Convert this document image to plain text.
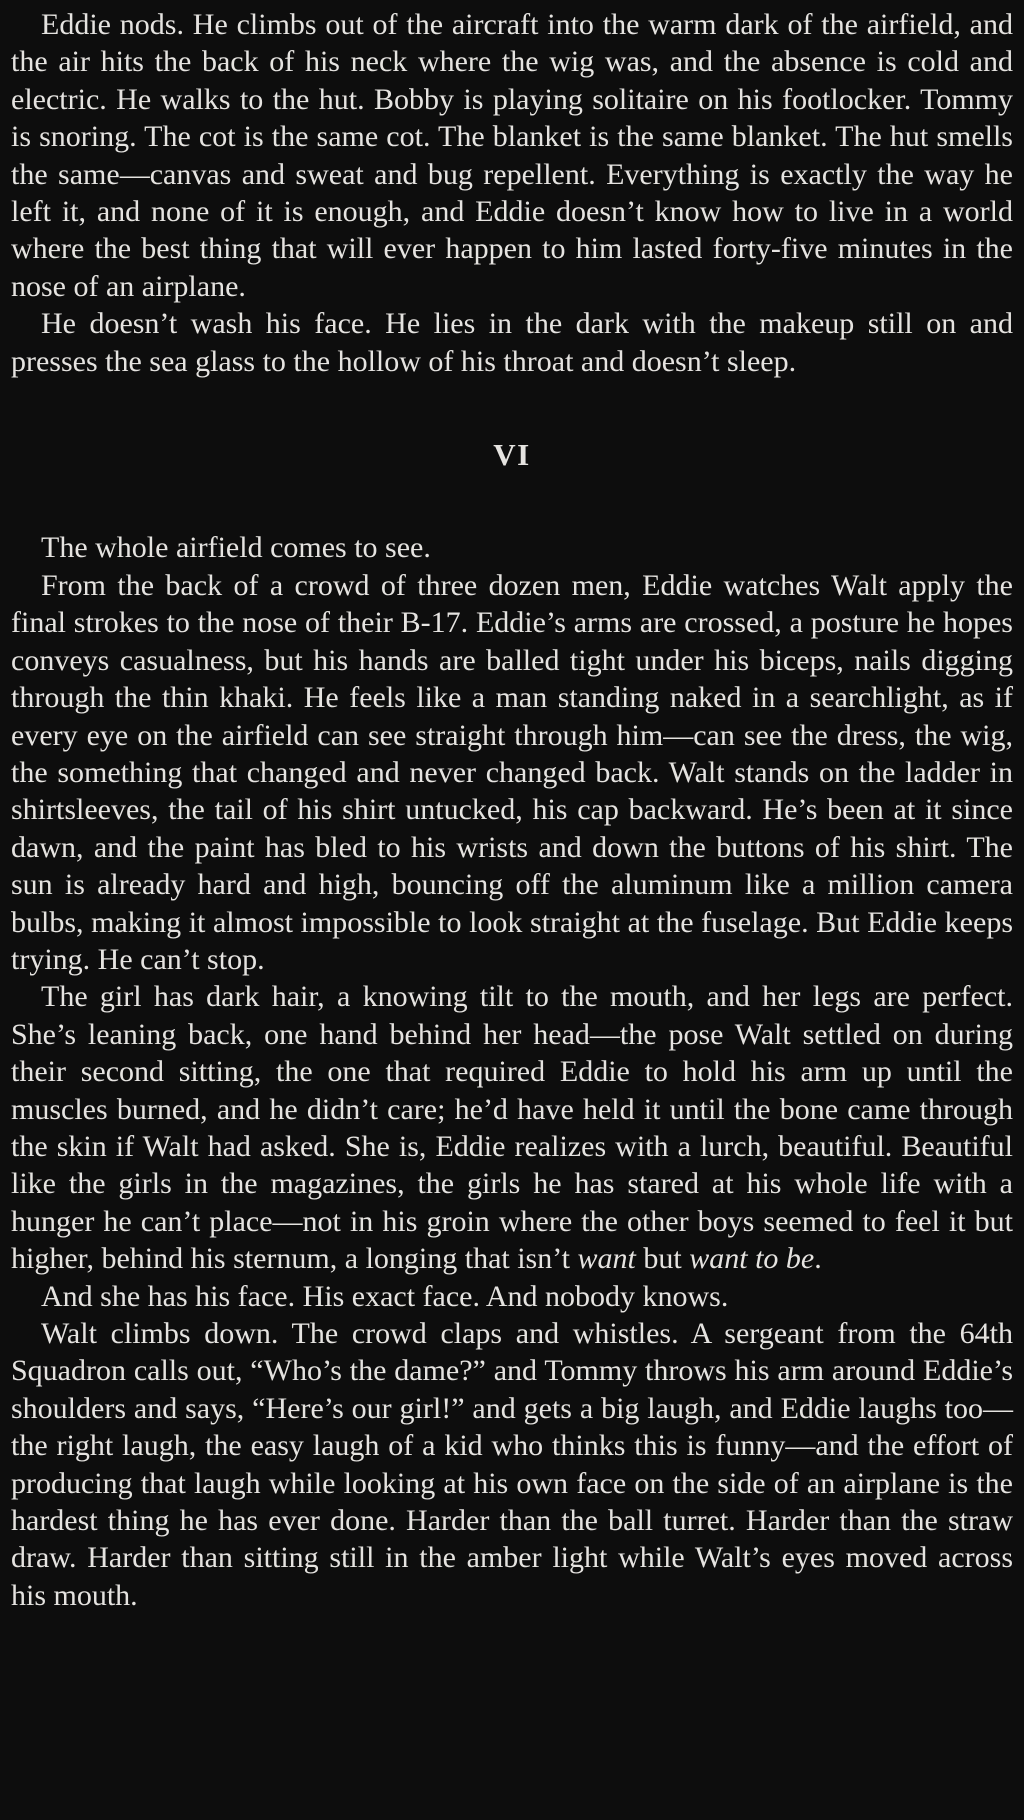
Eddie nods. He climbs out of the aircraft into the warm dark of the airfield, and the air hits the back of his neck where the wig was, and the absence is cold and electric. He walks to the hut. Bobby is playing solitaire on his footlocker. Tommy is snoring. The cot is the same cot. The blanket is the same blanket. The hut smells the same—canvas and sweat and bug repellent. Everything is exactly the way he left it, and none of it is enough, and Eddie doesn’t know how to live in a world where the best thing that will ever happen to him lasted forty-five minutes in the nose of an airplane.

He doesn’t wash his face. He lies in the dark with the makeup still on and presses the sea glass to the hollow of his throat and doesn’t sleep.

VI

The whole airfield comes to see.

From the back of a crowd of three dozen men, Eddie watches Walt apply the final strokes to the nose of their B-17. Eddie’s arms are crossed, a posture he hopes conveys casualness, but his hands are balled tight under his biceps, nails digging through the thin khaki. He feels like a man standing naked in a searchlight, as if every eye on the airfield can see straight through him—can see the dress, the wig, the something that changed and never changed back. Walt stands on the ladder in shirtsleeves, the tail of his shirt untucked, his cap backward. He’s been at it since dawn, and the paint has bled to his wrists and down the buttons of his shirt. The sun is already hard and high, bouncing off the aluminum like a million camera bulbs, making it almost impossible to look straight at the fuselage. But Eddie keeps trying. He can’t stop.

The girl has dark hair, a knowing tilt to the mouth, and her legs are perfect. She’s leaning back, one hand behind her head—the pose Walt settled on during their second sitting, the one that required Eddie to hold his arm up until the muscles burned, and he didn’t care; he’d have held it until the bone came through the skin if Walt had asked. She is, Eddie realizes with a lurch, beautiful. Beautiful like the girls in the magazines, the girls he has stared at his whole life with a hunger he can’t place—not in his groin where the other boys seemed to feel it but higher, behind his sternum, a longing that isn’t want but want to be.

And she has his face. His exact face. And nobody knows.

Walt climbs down. The crowd claps and whistles. A sergeant from the 64th Squadron calls out, “Who’s the dame?” and Tommy throws his arm around Eddie’s shoulders and says, “Here’s our girl!” and gets a big laugh, and Eddie laughs too—the right laugh, the easy laugh of a kid who thinks this is funny—and the effort of producing that laugh while looking at his own face on the side of an airplane is the hardest thing he has ever done. Harder than the ball turret. Harder than the straw draw. Harder than sitting still in the amber light while Walt’s eyes moved across his mouth.
